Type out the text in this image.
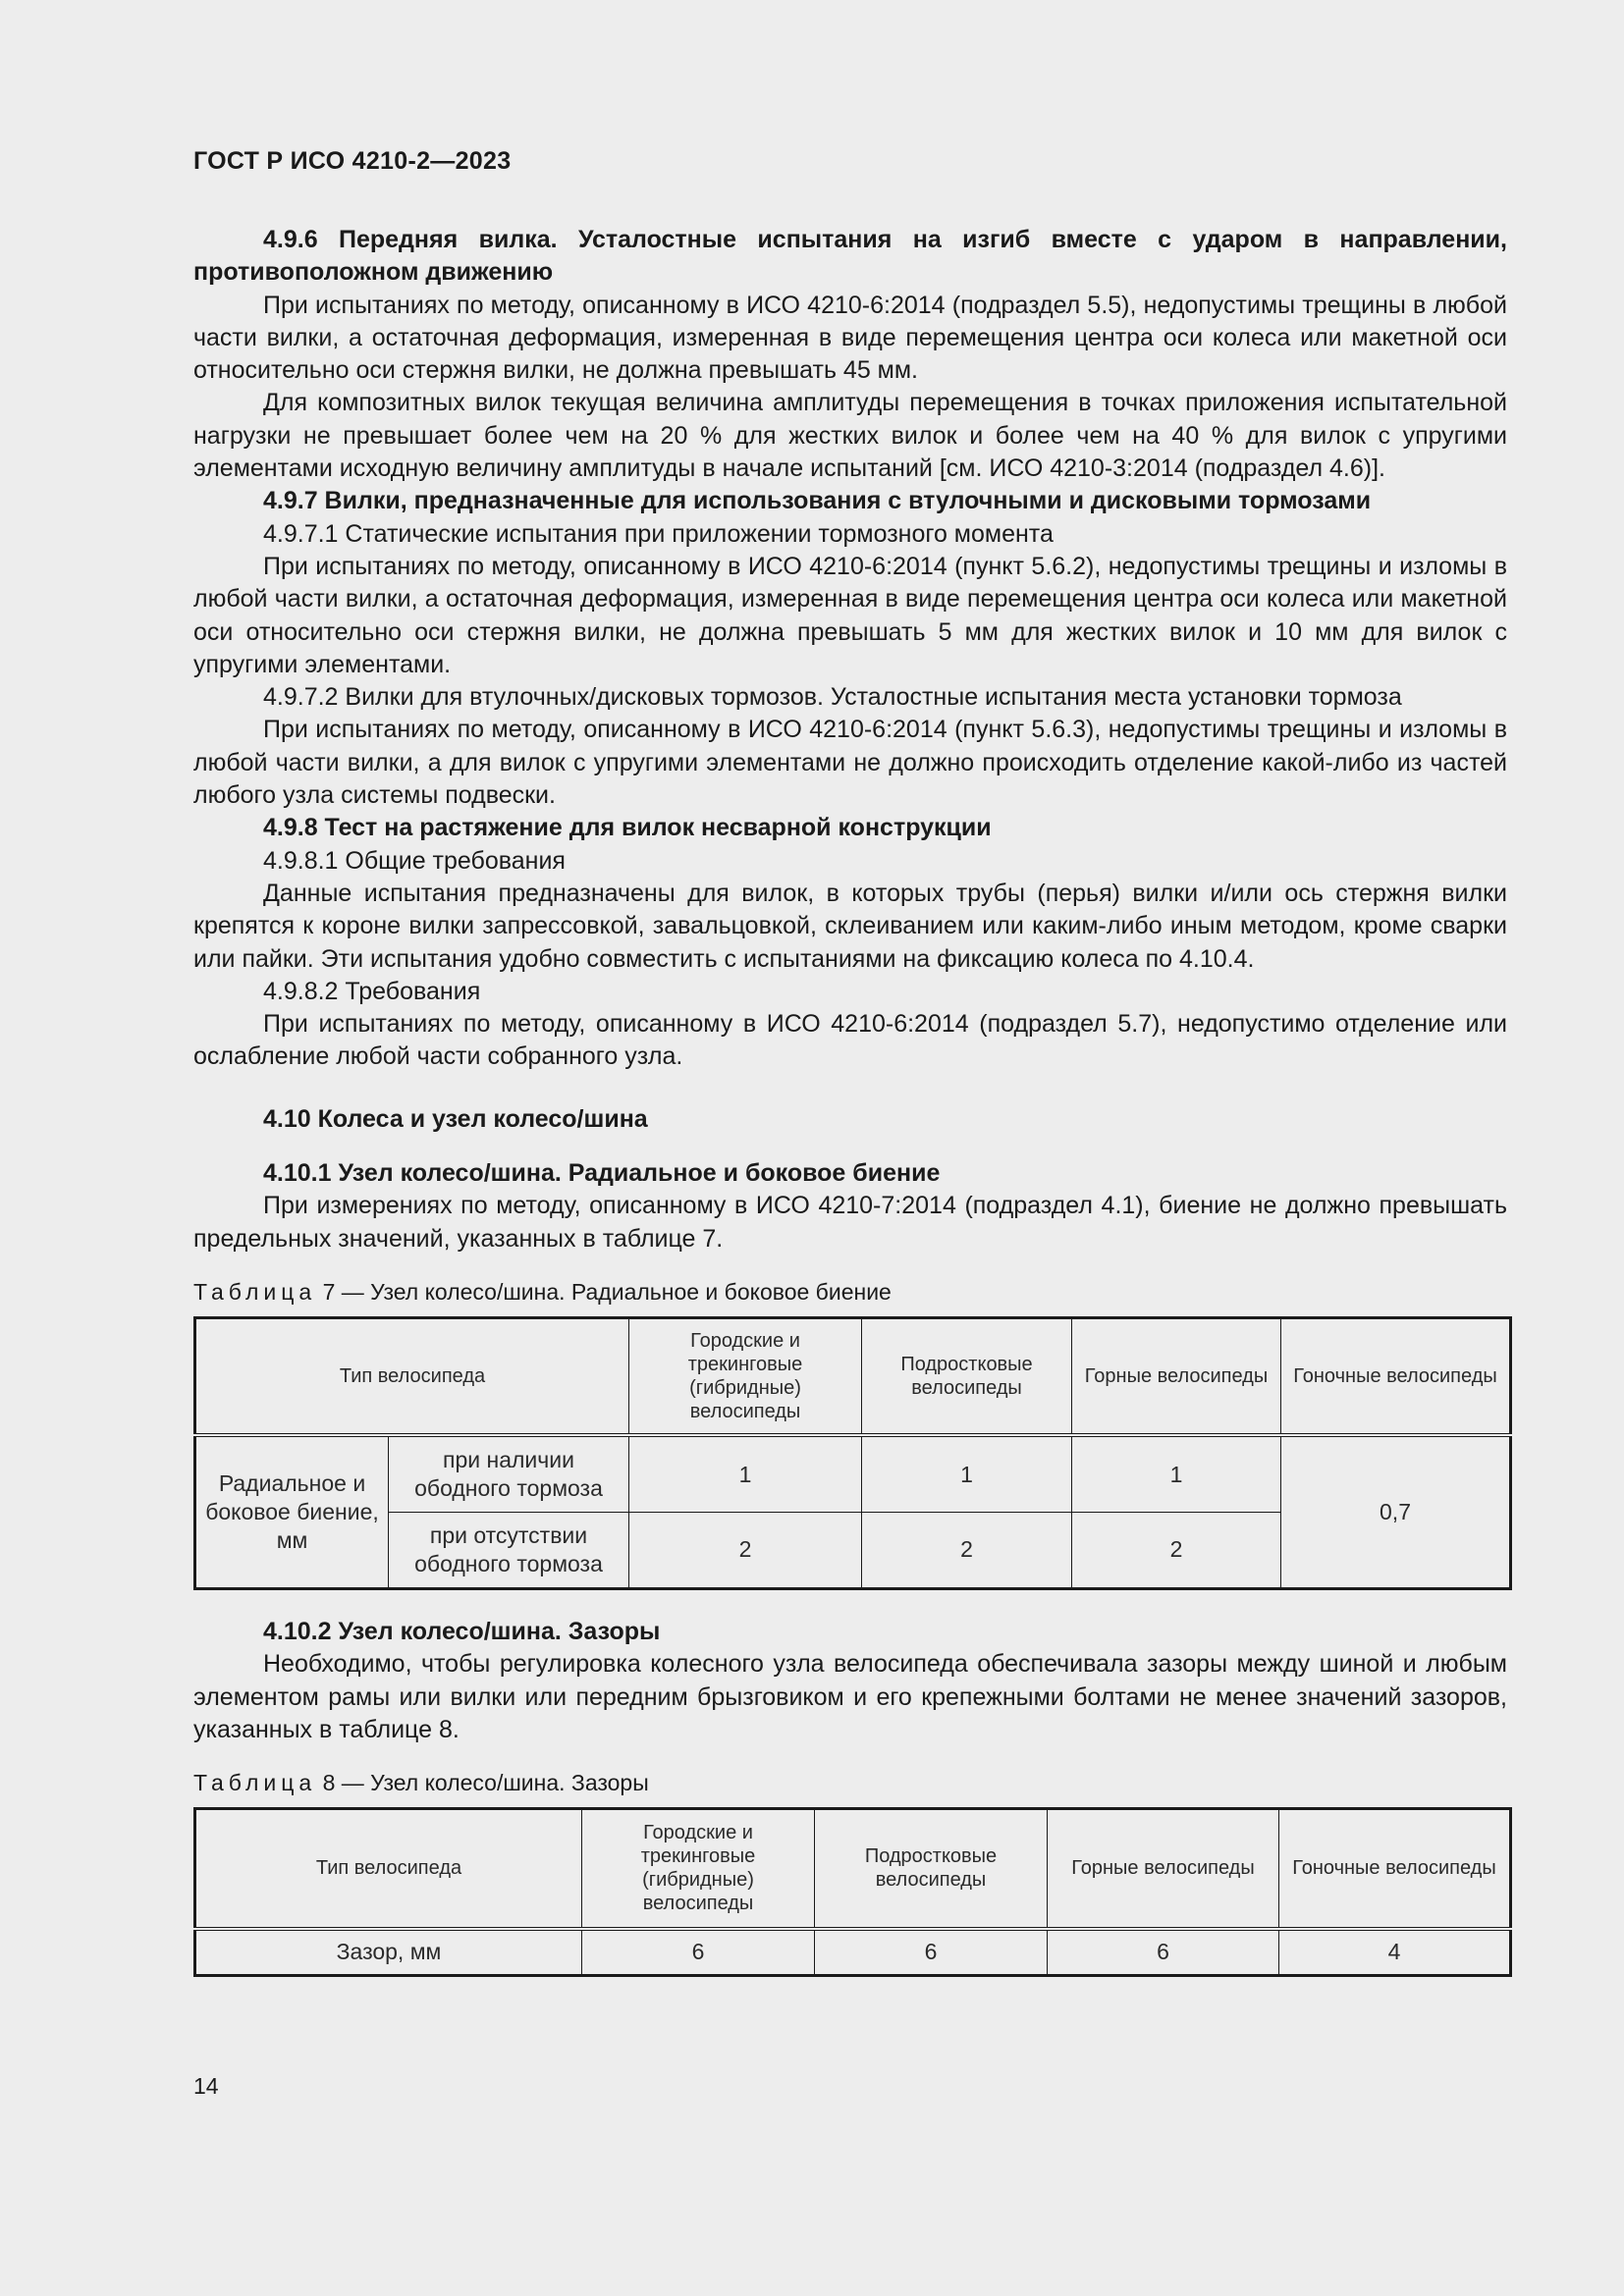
ГОСТ Р ИСО 4210-2—2023

4.9.6 Передняя вилка. Усталостные испытания на изгиб вместе с ударом в направлении, противоположном движению

При испытаниях по методу, описанному в ИСО 4210-6:2014 (подраздел 5.5), недопустимы трещины в любой части вилки, а остаточная деформация, измеренная в виде перемещения центра оси колеса или макетной оси относительно оси стержня вилки, не должна превышать 45 мм.

Для композитных вилок текущая величина амплитуды перемещения в точках приложения испытательной нагрузки не превышает более чем на 20 % для жестких вилок и более чем на 40 % для вилок с упругими элементами исходную величину амплитуды в начале испытаний [см. ИСО 4210-3:2014 (подраздел 4.6)].

4.9.7 Вилки, предназначенные для использования с втулочными и дисковыми тормозами

4.9.7.1 Статические испытания при приложении тормозного момента

При испытаниях по методу, описанному в ИСО 4210-6:2014 (пункт 5.6.2), недопустимы трещины и изломы в любой части вилки, а остаточная деформация, измеренная в виде перемещения центра оси колеса или макетной оси относительно оси стержня вилки, не должна превышать 5 мм для жестких вилок и 10 мм для вилок с упругими элементами.

4.9.7.2 Вилки для втулочных/дисковых тормозов. Усталостные испытания места установки тормоза

При испытаниях по методу, описанному в ИСО 4210-6:2014 (пункт 5.6.3), недопустимы трещины и изломы в любой части вилки, а для вилок с упругими элементами не должно происходить отделение какой-либо из частей любого узла системы подвески.

4.9.8 Тест на растяжение для вилок несварной конструкции

4.9.8.1 Общие требования

Данные испытания предназначены для вилок, в которых трубы (перья) вилки и/или ось стержня вилки крепятся к короне вилки запрессовкой, завальцовкой, склеиванием или каким-либо иным методом, кроме сварки или пайки. Эти испытания удобно совместить с испытаниями на фиксацию колеса по 4.10.4.

4.9.8.2 Требования

При испытаниях по методу, описанному в ИСО 4210-6:2014 (подраздел 5.7), недопустимо отделение или ослабление любой части собранного узла.

4.10 Колеса и узел колесо/шина

4.10.1 Узел колесо/шина. Радиальное и боковое биение

При измерениях по методу, описанному в ИСО 4210-7:2014 (подраздел 4.1), биение не должно превышать предельных значений, указанных в таблице 7.

Таблица 7 — Узел колесо/шина. Радиальное и боковое биение

Тип велосипеда		Городские и трекинговые (гибридные) велосипеды	Подростковые велосипеды	Горные велосипеды	Гоночные велосипеды
Радиальное и боковое биение, мм	при наличии ободного тормоза	1	1	1	0,7
	при отсутствии ободного тормоза	2	2	2	

4.10.2 Узел колесо/шина. Зазоры

Необходимо, чтобы регулировка колесного узла велосипеда обеспечивала зазоры между шиной и любым элементом рамы или вилки или передним брызговиком и его крепежными болтами не менее значений зазоров, указанных в таблице 8.

Таблица 8 — Узел колесо/шина. Зазоры

Тип велосипеда	Городские и трекинговые (гибридные) велосипеды	Подростковые велосипеды	Горные велосипеды	Гоночные велосипеды
Зазор, мм	6	6	6	4
14
